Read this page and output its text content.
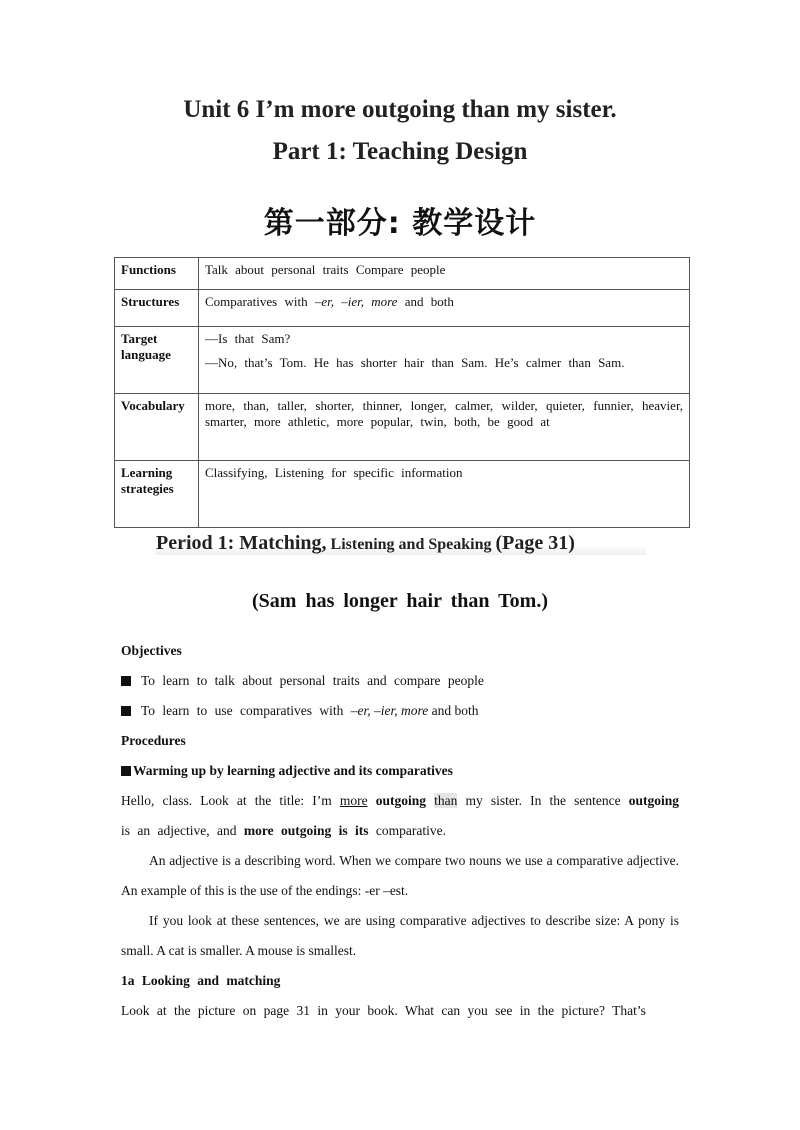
Unit 6 I’m more outgoing than my sister.
Part 1: Teaching Design
第一部分: 教学设计
Functions	Talk about personal traits Compare people
Structures	Comparatives with –er, –ier, more and both
Target language	—Is that Sam?

—No, that’s Tom. He has shorter hair than Sam. He’s calmer than Sam.

Vocabulary	more, than, taller, shorter, thinner, longer, calmer, wilder, quieter, funnier, heavier, smarter, more athletic, more popular, twin, both, be good at
Learning strategies	Classifying, Listening for specific information
Period 1: Matching, Listening and Speaking (Page 31)
(Sam has longer hair than Tom.)

Objectives

To learn to talk about personal traits and compare people

To learn to use comparatives with –er, –ier, more and both

Procedures

Warming up by learning adjective and its comparatives

Hello, class. Look at the title: I’m more outgoing than my sister. In the sentence outgoing is an adjective, and more outgoing is its comparative.

An adjective is a describing word. When we compare two nouns we use a comparative adjective. An example of this is the use of the endings: -er –est.

If you look at these sentences, we are using comparative adjectives to describe size: A pony is small. A cat is smaller. A mouse is smallest.

1a Looking and matching

Look at the picture on page 31 in your book. What can you see in the picture? That’s
